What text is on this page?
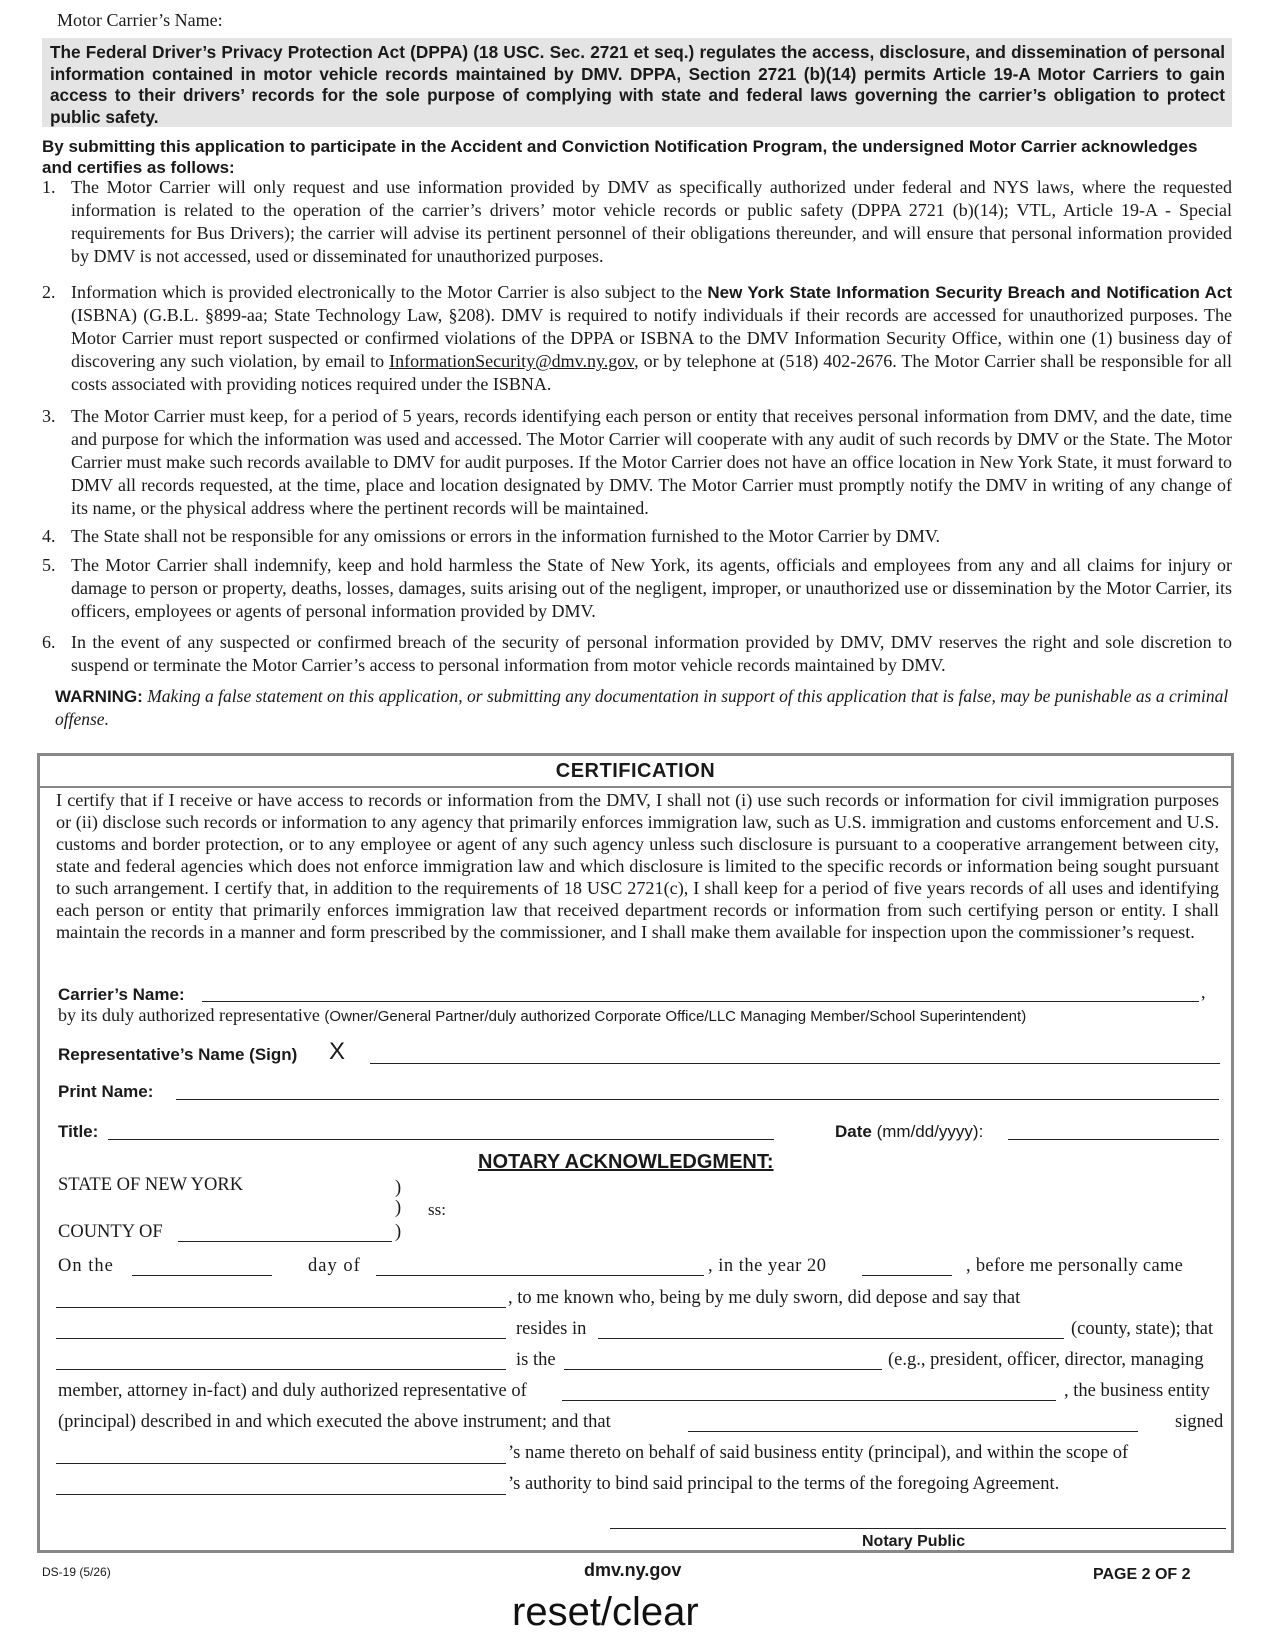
Motor Carrier’s Name:
The Federal Driver’s Privacy Protection Act (DPPA) (18 USC. Sec. 2721 et seq.) regulates the access, disclosure, and dissemination of personal information contained in motor vehicle records maintained by DMV. DPPA, Section 2721 (b)(14) permits Article 19-A Motor Carriers to gain access to their drivers’ records for the sole purpose of complying with state and federal laws governing the carrier’s obligation to protect public safety.
By submitting this application to participate in the Accident and Conviction Notification Program, the undersigned Motor Carrier acknowledges and certifies as follows:
1. The Motor Carrier will only request and use information provided by DMV as specifically authorized under federal and NYS laws, where the requested information is related to the operation of the carrier’s drivers’ motor vehicle records or public safety (DPPA 2721 (b)(14); VTL, Article 19-A - Special requirements for Bus Drivers); the carrier will advise its pertinent personnel of their obligations thereunder, and will ensure that personal information provided by DMV is not accessed, used or disseminated for unauthorized purposes.
2. Information which is provided electronically to the Motor Carrier is also subject to the New York State Information Security Breach and Notification Act (ISBNA) (G.B.L. §899-aa; State Technology Law, §208). DMV is required to notify individuals if their records are accessed for unauthorized purposes. The Motor Carrier must report suspected or confirmed violations of the DPPA or ISBNA to the DMV Information Security Office, within one (1) business day of discovering any such violation, by email to InformationSecurity@dmv.ny.gov, or by telephone at (518) 402-2676. The Motor Carrier shall be responsible for all costs associated with providing notices required under the ISBNA.
3. The Motor Carrier must keep, for a period of 5 years, records identifying each person or entity that receives personal information from DMV, and the date, time and purpose for which the information was used and accessed. The Motor Carrier will cooperate with any audit of such records by DMV or the State. The Motor Carrier must make such records available to DMV for audit purposes. If the Motor Carrier does not have an office location in New York State, it must forward to DMV all records requested, at the time, place and location designated by DMV. The Motor Carrier must promptly notify the DMV in writing of any change of its name, or the physical address where the pertinent records will be maintained.
4. The State shall not be responsible for any omissions or errors in the information furnished to the Motor Carrier by DMV.
5. The Motor Carrier shall indemnify, keep and hold harmless the State of New York, its agents, officials and employees from any and all claims for injury or damage to person or property, deaths, losses, damages, suits arising out of the negligent, improper, or unauthorized use or dissemination by the Motor Carrier, its officers, employees or agents of personal information provided by DMV.
6. In the event of any suspected or confirmed breach of the security of personal information provided by DMV, DMV reserves the right and sole discretion to suspend or terminate the Motor Carrier’s access to personal information from motor vehicle records maintained by DMV.
WARNING: Making a false statement on this application, or submitting any documentation in support of this application that is false, may be punishable as a criminal offense.
CERTIFICATION
I certify that if I receive or have access to records or information from the DMV, I shall not (i) use such records or information for civil immigration purposes or (ii) disclose such records or information to any agency that primarily enforces immigration law, such as U.S. immigration and customs enforcement and U.S. customs and border protection, or to any employee or agent of any such agency unless such disclosure is pursuant to a cooperative arrangement between city, state and federal agencies which does not enforce immigration law and which disclosure is limited to the specific records or information being sought pursuant to such arrangement. I certify that, in addition to the requirements of 18 USC 2721(c), I shall keep for a period of five years records of all uses and identifying each person or entity that primarily enforces immigration law that received department records or information from such certifying person or entity. I shall maintain the records in a manner and form prescribed by the commissioner, and I shall make them available for inspection upon the commissioner’s request.
Carrier’s Name:	,
by its duly authorized representative (Owner/General Partner/duly authorized Corporate Office/LLC Managing Member/School Superintendent)
Representative’s Name (Sign) X
Print Name:
Title:	Date (mm/dd/yyyy):
NOTARY ACKNOWLEDGMENT:
STATE OF NEW YORK	)
) ss:
)
COUNTY OF
On the	day of	, in the year 20	, before me personally came
, to me known who, being by me duly sworn, did depose and say that
resides in	(county, state); that
is the	(e.g., president, officer, director, managing
member, attorney in-fact) and duly authorized representative of	, the business entity
(principal) described in and which executed the above instrument; and that	signed
’s name thereto on behalf of said business entity (principal), and within the scope of
’s authority to bind said principal to the terms of the foregoing Agreement.
Notary Public
DS-19 (5/26)	dmv.ny.gov	PAGE 2 OF 2
reset/clear
